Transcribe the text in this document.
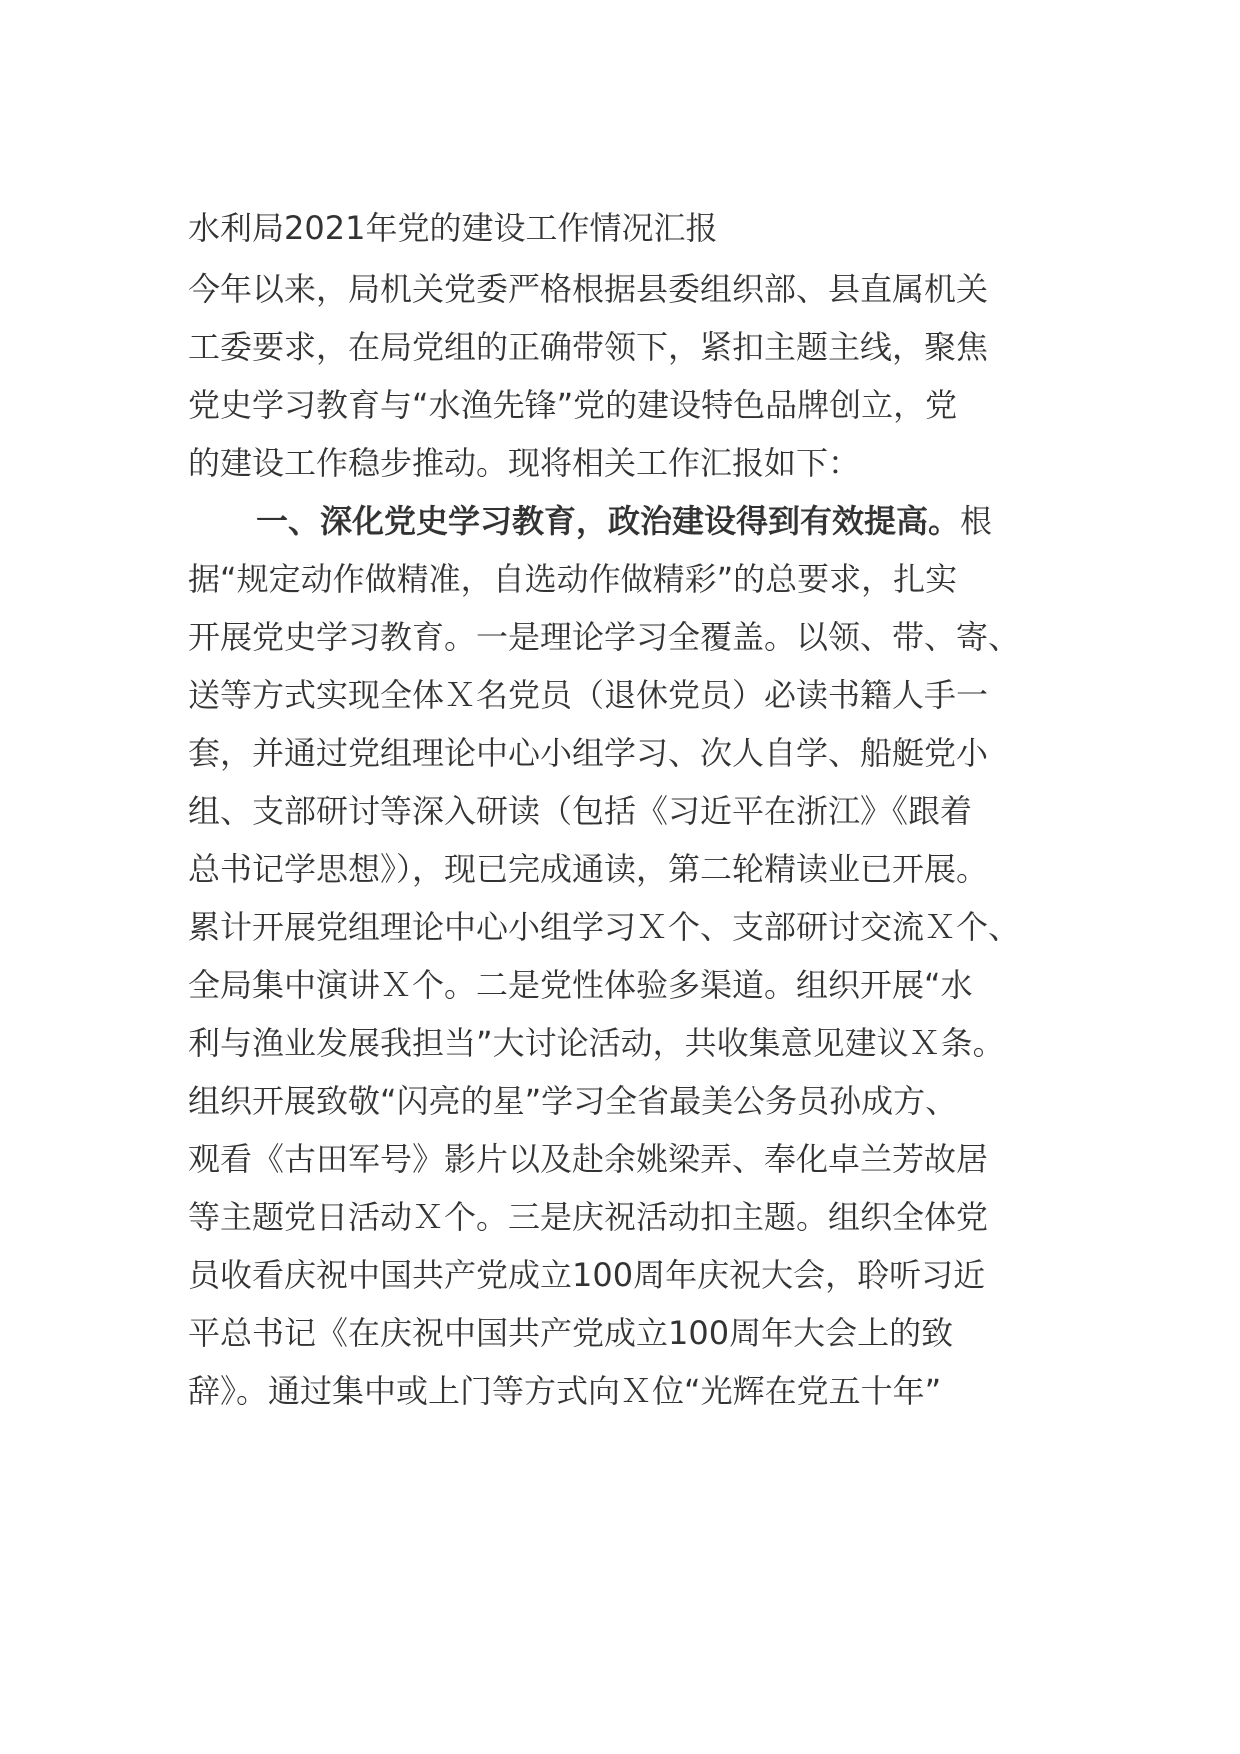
水利局2021年党的建设工作情况汇报

今年以来，局机关党委严格根据县委组织部、县直属机关

工委要求，在局党组的正确带领下，紧扣主题主线，聚焦

党史学习教育与“水渔先锋”党的建设特色品牌创立，党

的建设工作稳步推动。现将相关工作汇报如下：

一、深化党史学习教育，政治建设得到有效提高。根

据“规定动作做精准，自选动作做精彩”的总要求，扎实

开展党史学习教育。一是理论学习全覆盖。以领、带、寄、

送等方式实现全体Ｘ名党员（退休党员）必读书籍人手一

套，并通过党组理论中心小组学习、次人自学、船艇党小

组、支部研讨等深入研读（包括《习近平在浙江》《跟着

总书记学思想》），现已完成通读，第二轮精读业已开展。

累计开展党组理论中心小组学习Ｘ个、支部研讨交流Ｘ个、

全局集中演讲Ｘ个。二是党性体验多渠道。组织开展“水

利与渔业发展我担当”大讨论活动，共收集意见建议Ｘ条。

组织开展致敬“闪亮的星”学习全省最美公务员孙成方、

观看《古田军号》影片以及赴余姚梁弄、奉化卓兰芳故居

等主题党日活动Ｘ个。三是庆祝活动扣主题。组织全体党

员收看庆祝中国共产党成立100周年庆祝大会，聆听习近

平总书记《在庆祝中国共产党成立100周年大会上的致

辞》。通过集中或上门等方式向Ｘ位“光辉在党五十年”
